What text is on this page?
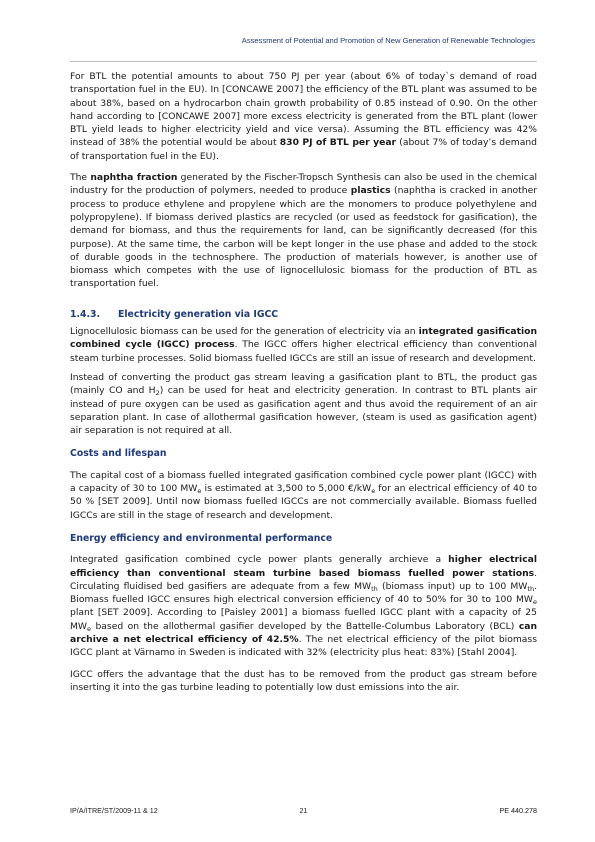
Assessment of Potential and Promotion of New Generation of Renewable Technologies

For BTL the potential amounts to about 750 PJ per year (about 6% of today`s demand of road transportation fuel in the EU). In [CONCAWE 2007] the efficiency of the BTL plant was assumed to be about 38%, based on a hydrocarbon chain growth probability of 0.85 instead of 0.90. On the other hand according to [CONCAWE 2007] more excess electricity is generated from the BTL plant (lower BTL yield leads to higher electricity yield and vice versa). Assuming the BTL efficiency was 42% instead of 38% the potential would be about 830 PJ of BTL per year (about 7% of today’s demand of transportation fuel in the EU).

The naphtha fraction generated by the Fischer-Tropsch Synthesis can also be used in the chemical industry for the production of polymers, needed to produce plastics (naphtha is cracked in another process to produce ethylene and propylene which are the monomers to produce polyethylene and polypropylene). If biomass derived plastics are recycled (or used as feedstock for gasification), the demand for biomass, and thus the requirements for land, can be significantly decreased (for this purpose). At the same time, the carbon will be kept longer in the use phase and added to the stock of durable goods in the technosphere. The production of materials however, is another use of biomass which competes with the use of lignocellulosic biomass for the production of BTL as transportation fuel.

1.4.3. Electricity generation via IGCC

Lignocellulosic biomass can be used for the generation of electricity via an integrated gasification combined cycle (IGCC) process. The IGCC offers higher electrical efficiency than conventional steam turbine processes. Solid biomass fuelled IGCCs are still an issue of research and development.

Instead of converting the product gas stream leaving a gasification plant to BTL, the product gas (mainly CO and $H_2$) can be used for heat and electricity generation. In contrast to BTL plants air instead of pure oxygen can be used as gasification agent and thus avoid the requirement of an air separation plant. In case of allothermal gasification however, (steam is used as gasification agent) air separation is not required at all.

Costs and lifespan

The capital cost of a biomass fuelled integrated gasification combined cycle power plant (IGCC) with a capacity of 30 to 100 $MW_e$ is estimated at 3,500 to 5,000 $€/kW_e$ for an electrical efficiency of 40 to 50 % [SET 2009]. Until now biomass fuelled IGCCs are not commercially available. Biomass fuelled IGCCs are still in the stage of research and development.

Energy efficiency and environmental performance

Integrated gasification combined cycle power plants generally archieve a higher electrical efficiency than conventional steam turbine based biomass fuelled power stations. Circulating fluidised bed gasifiers are adequate from a few $MW_{th}$ (biomass input) up to 100 $MW_{th}$. Biomass fuelled IGCC ensures high electrical conversion efficiency of 40 to 50% for 30 to 100 $MW_e$ plant [SET 2009]. According to [Paisley 2001] a biomass fuelled IGCC plant with a capacity of 25 $MW_e$ based on the allothermal gasifier developed by the Battelle-Columbus Laboratory (BCL) can archive a net electrical efficiency of 42.5%. The net electrical efficiency of the pilot biomass IGCC plant at Värnamo in Sweden is indicated with 32% (electricity plus heat: 83%) [Stahl 2004].

IGCC offers the advantage that the dust has to be removed from the product gas stream before inserting it into the gas turbine leading to potentially low dust emissions into the air.

IP/A/ITRE/ST/2009-11 & 12	21	PE 440.278
